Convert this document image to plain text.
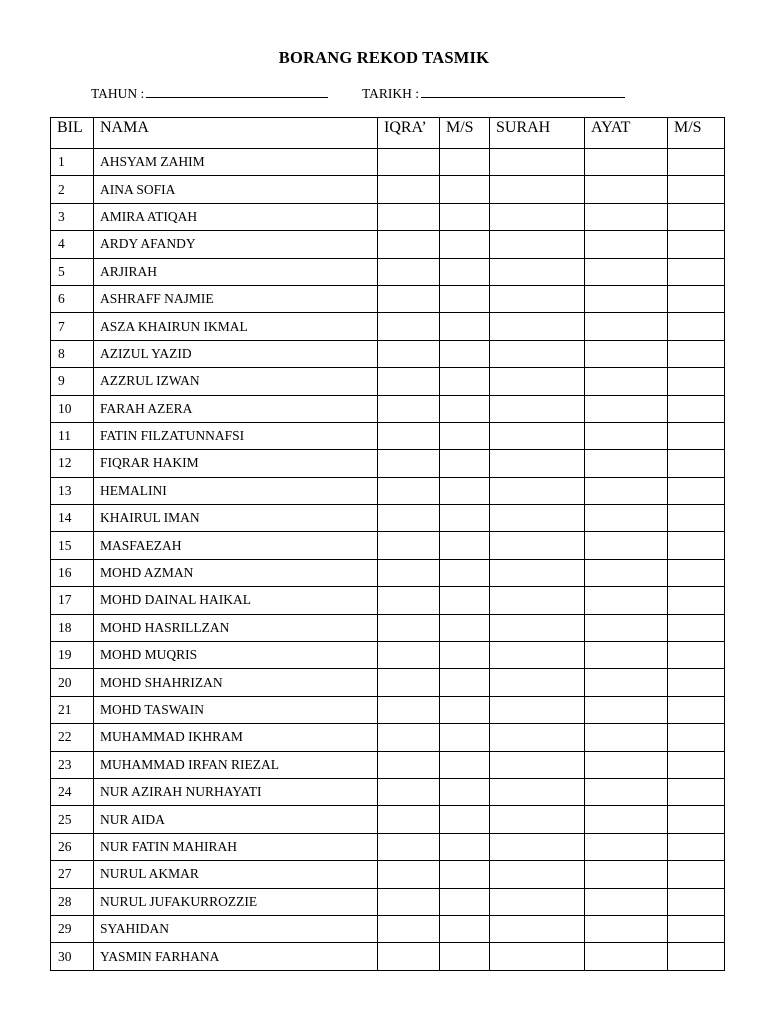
BORANG REKOD TASMIK
TAHUN :	TARIKH :
BIL	NAMA	IQRA’	M/S	SURAH	AYAT	M/S
1	AHSYAM ZAHIM					
2	AINA SOFIA					
3	AMIRA ATIQAH					
4	ARDY AFANDY					
5	ARJIRAH					
6	ASHRAFF NAJMIE					
7	ASZA KHAIRUN IKMAL					
8	AZIZUL YAZID					
9	AZZRUL IZWAN					
10	FARAH AZERA					
11	FATIN FILZATUNNAFSI					
12	FIQRAR HAKIM					
13	HEMALINI					
14	KHAIRUL IMAN					
15	MASFAEZAH					
16	MOHD AZMAN					
17	MOHD DAINAL HAIKAL					
18	MOHD HASRILLZAN					
19	MOHD MUQRIS					
20	MOHD SHAHRIZAN					
21	MOHD TASWAIN					
22	MUHAMMAD IKHRAM					
23	MUHAMMAD IRFAN RIEZAL					
24	NUR AZIRAH NURHAYATI					
25	NUR AIDA					
26	NUR FATIN MAHIRAH					
27	NURUL AKMAR					
28	NURUL JUFAKURROZZIE					
29	SYAHIDAN					
30	YASMIN FARHANA					
